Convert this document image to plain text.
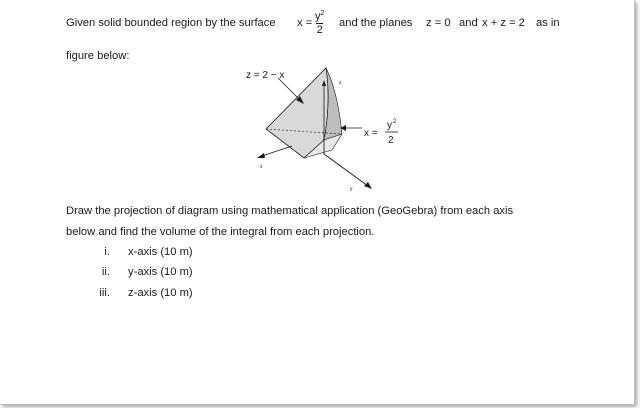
Given solid bounded region by the surface x =
$y^2$
2
and the planes z = 0 and x + z = 2 as in
figure below:
z = 2 − x
z
x
y
x =
y 2
2
Draw the projection of diagram using mathematical application (GeoGebra) from each axis
below and find the volume of the integral from each projection.
i. x-axis (10 m)
ii. y-axis (10 m)
iii. z-axis (10 m)
